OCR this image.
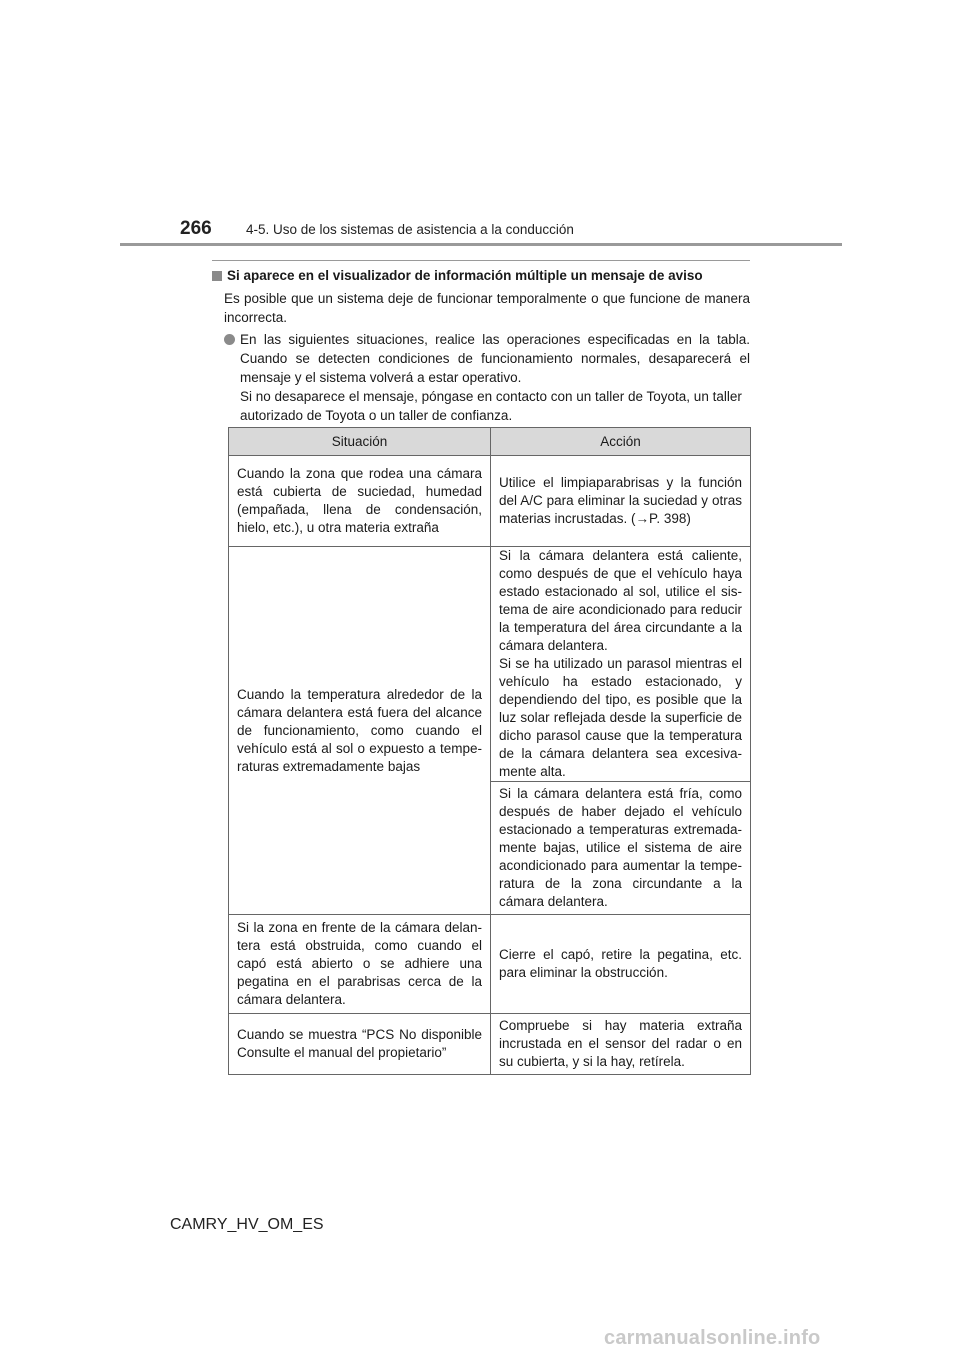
266	4-5. Uso de los sistemas de asistencia a la conducción
Si aparece en el visualizador de información múltiple un mensaje de aviso
Es posible que un sistema deje de funcionar temporalmente o que funcione de manera incorrecta.
En las siguientes situaciones, realice las operaciones especificadas en la tabla. Cuando se detecten condiciones de funcionamiento normales, desaparecerá el mensaje y el sistema volverá a estar operativo.
Si no desaparece el mensaje, póngase en contacto con un taller de Toyota, un taller autorizado de Toyota o un taller de confianza.
Situación	Acción
Cuando la zona que rodea una cámara está cubierta de suciedad, humedad (empañada, llena de condensación, hielo, etc.), u otra materia extraña	Utilice el limpiaparabrisas y la función del A/C para eliminar la suciedad y otras materias incrustadas. (→P. 398)
Cuando la temperatura alrededor de la cámara delantera está fuera del alcance de funcionamiento, como cuando el vehículo está al sol o expuesto a tempe-raturas extremadamente bajas	Si la cámara delantera está caliente, como después de que el vehículo haya estado estacionado al sol, utilice el sis-tema de aire acondicionado para reducir la temperatura del área circundante a la cámara delantera.
Si se ha utilizado un parasol mientras el vehículo ha estado estacionado, y dependiendo del tipo, es posible que la luz solar reflejada desde la superficie de dicho parasol cause que la temperatura de la cámara delantera sea excesiva-mente alta.
	Si la cámara delantera está fría, como después de haber dejado el vehículo estacionado a temperaturas extremada-mente bajas, utilice el sistema de aire acondicionado para aumentar la tempe-ratura de la zona circundante a la cámara delantera.
Si la zona en frente de la cámara delan-tera está obstruida, como cuando el capó está abierto o se adhiere una pegatina en el parabrisas cerca de la cámara delantera.	Cierre el capó, retire la pegatina, etc. para eliminar la obstrucción.
Cuando se muestra “PCS No disponible Consulte el manual del propietario”	Compruebe si hay materia extraña incrustada en el sensor del radar o en su cubierta, y si la hay, retírela.
CAMRY_HV_OM_ES
carmanualsonline.info
